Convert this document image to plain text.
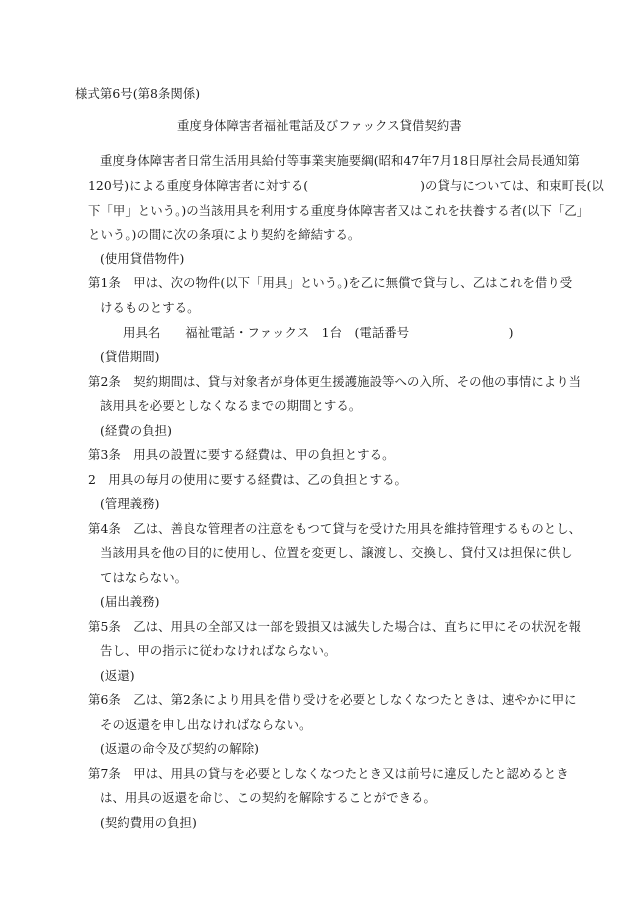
様式第6号(第8条関係)
重度身体障害者福祉電話及びファックス貸借契約書
重度身体障害者日常生活用具給付等事業実施要綱(昭和47年7月18日厚社会局長通知第
120号)による重度身体障害者に対する(　　　　　　　　　)の貸与については、和束町長(以
下「甲」という。)の当該用具を利用する重度身体障害者又はこれを扶養する者(以下「乙」
という。)の間に次の条項により契約を締結する。
(使用貸借物件)
第1条　甲は、次の物件(以下「用具」という。)を乙に無償で貸与し、乙はこれを借り受
けるものとする。
用具名　　福祉電話・ファックス　1台　(電話番号　　　　　　　　)
(貸借期間)
第2条　契約期間は、貸与対象者が身体更生援護施設等への入所、その他の事情により当
該用具を必要としなくなるまでの期間とする。
(経費の負担)
第3条　用具の設置に要する経費は、甲の負担とする。
2　用具の毎月の使用に要する経費は、乙の負担とする。
(管理義務)
第4条　乙は、善良な管理者の注意をもつて貸与を受けた用具を維持管理するものとし、
当該用具を他の目的に使用し、位置を変更し、譲渡し、交換し、貸付又は担保に供し
てはならない。
(届出義務)
第5条　乙は、用具の全部又は一部を毀損又は滅失した場合は、直ちに甲にその状況を報
告し、甲の指示に従わなければならない。
(返還)
第6条　乙は、第2条により用具を借り受けを必要としなくなつたときは、速やかに甲に
その返還を申し出なければならない。
(返還の命令及び契約の解除)
第7条　甲は、用具の貸与を必要としなくなつたとき又は前号に違反したと認めるとき
は、用具の返還を命じ、この契約を解除することができる。
(契約費用の負担)
